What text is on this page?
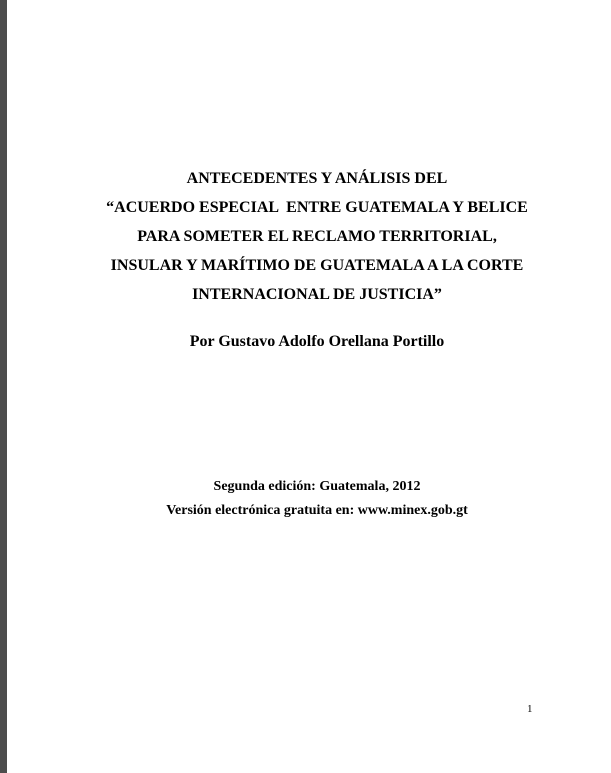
ANTECEDENTES Y ANÁLISIS DEL
“ACUERDO ESPECIAL  ENTRE GUATEMALA Y BELICE
PARA SOMETER EL RECLAMO TERRITORIAL,
INSULAR Y MARÍTIMO DE GUATEMALA A LA CORTE
INTERNACIONAL DE JUSTICIA”
Por Gustavo Adolfo Orellana Portillo
Segunda edición: Guatemala, 2012
Versión electrónica gratuita en: www.minex.gob.gt
1
